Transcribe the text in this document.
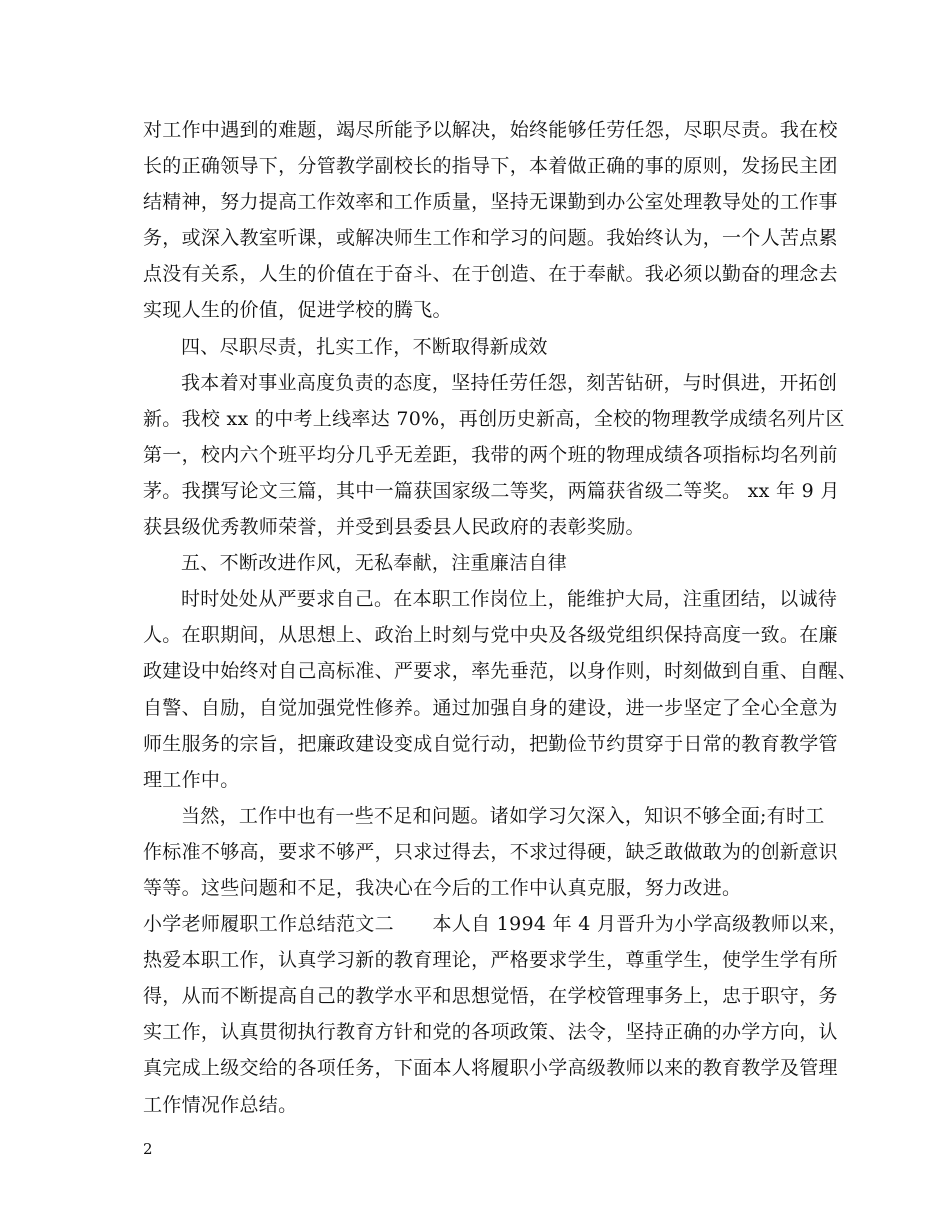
对工作中遇到的难题，竭尽所能予以解决，始终能够任劳任怨，尽职尽责。我在校
长的正确领导下，分管教学副校长的指导下，本着做正确的事的原则，发扬民主团
结精神，努力提高工作效率和工作质量，坚持无课勤到办公室处理教导处的工作事
务，或深入教室听课，或解决师生工作和学习的问题。我始终认为，一个人苦点累
点没有关系，人生的价值在于奋斗、在于创造、在于奉献。我必须以勤奋的理念去
实现人生的价值，促进学校的腾飞。
四、尽职尽责，扎实工作，不断取得新成效
我本着对事业高度负责的态度，坚持任劳任怨，刻苦钻研，与时俱进，开拓创
新。我校 xx 的中考上线率达 70%，再创历史新高，全校的物理教学成绩名列片区
第一，校内六个班平均分几乎无差距，我带的两个班的物理成绩各项指标均名列前
茅。我撰写论文三篇，其中一篇获国家级二等奖，两篇获省级二等奖。 xx 年 9 月
获县级优秀教师荣誉，并受到县委县人民政府的表彰奖励。
五、不断改进作风，无私奉献，注重廉洁自律
时时处处从严要求自己。在本职工作岗位上，能维护大局，注重团结，以诚待
人。在职期间，从思想上、政治上时刻与党中央及各级党组织保持高度一致。在廉
政建设中始终对自己高标准、严要求，率先垂范，以身作则，时刻做到自重、自醒、
自警、自励，自觉加强党性修养。通过加强自身的建设，进一步坚定了全心全意为
师生服务的宗旨，把廉政建设变成自觉行动，把勤俭节约贯穿于日常的教育教学管
理工作中。
当然，工作中也有一些不足和问题。诸如学习欠深入，知识不够全面;有时工
作标准不够高，要求不够严，只求过得去，不求过得硬，缺乏敢做敢为的创新意识
等等。这些问题和不足，我决心在今后的工作中认真克服，努力改进。
小学老师履职工作总结范文二　　本人自 1994 年 4 月晋升为小学高级教师以来，
热爱本职工作，认真学习新的教育理论，严格要求学生，尊重学生，使学生学有所
得，从而不断提高自己的教学水平和思想觉悟，在学校管理事务上，忠于职守，务
实工作，认真贯彻执行教育方针和党的各项政策、法令，坚持正确的办学方向，认
真完成上级交给的各项任务，下面本人将履职小学高级教师以来的教育教学及管理
工作情况作总结。
2
